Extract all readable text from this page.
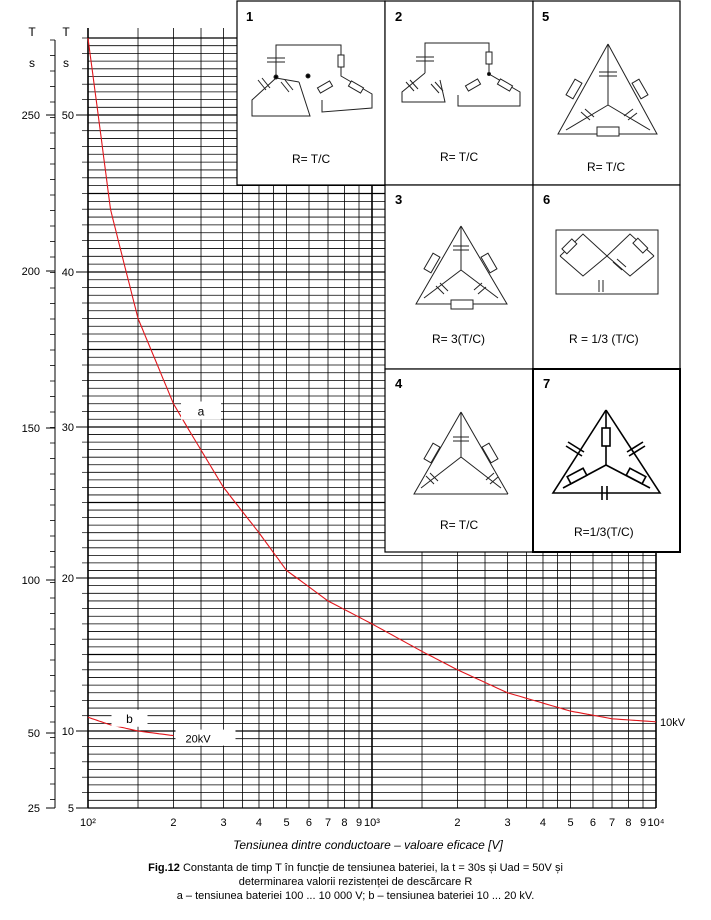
T
s
25
50
100
150
200
250
T
s
5
10
20
30
40
50
10²	2	3	4 5 6 7 8 9 10³	2	3	4 5 6 7 8 9 10⁴
Tensiunea dintre conductoare – valoare eficace [V]
10kV
20kV
a
b
1	2	5
3	6
4	7
R= T/C	R= T/C
R= T/C
R= 3(T/C)	R = 1/3 (T/C)
R= T/C	R=1/3(T/C)
Fig.12 Constanta de timp T în funcție de tensiunea bateriei, la t = 30s și Uad = 50V și
determinarea valorii rezistenței de descărcare R
a – tensiunea bateriei 100 ... 10 000 V; b – tensiunea bateriei 10 ... 20 kV.
